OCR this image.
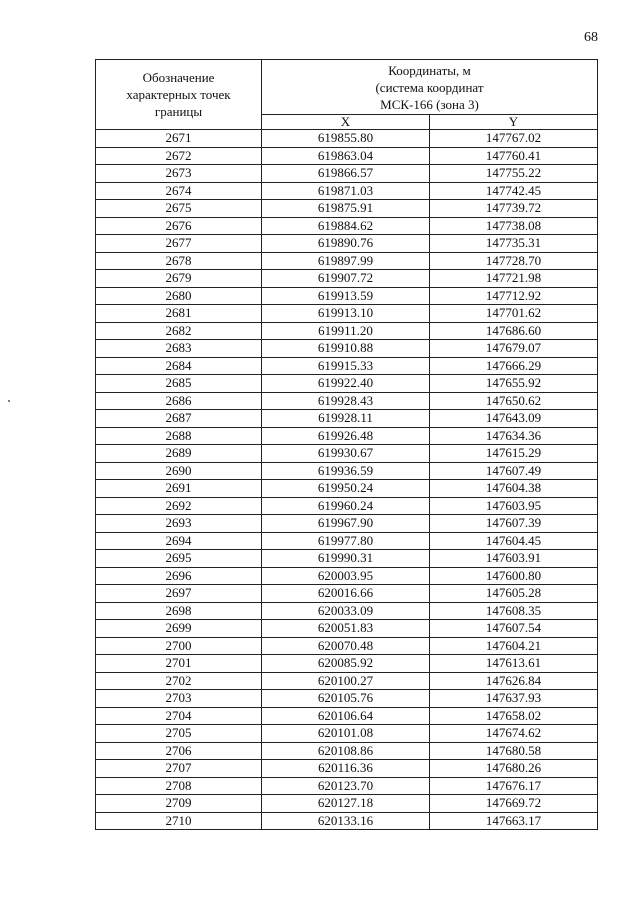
68
Обозначение характерных точек границы	Координаты, м
(система координат
МСК-166 (зона 3)	

	X	Y
2671	619855.80	147767.02
2672	619863.04	147760.41
2673	619866.57	147755.22
2674	619871.03	147742.45
2675	619875.91	147739.72
2676	619884.62	147738.08
2677	619890.76	147735.31
2678	619897.99	147728.70
2679	619907.72	147721.98
2680	619913.59	147712.92
2681	619913.10	147701.62
2682	619911.20	147686.60
2683	619910.88	147679.07
2684	619915.33	147666.29
2685	619922.40	147655.92
2686	619928.43	147650.62
2687	619928.11	147643.09
2688	619926.48	147634.36
2689	619930.67	147615.29
2690	619936.59	147607.49
2691	619950.24	147604.38
2692	619960.24	147603.95
2693	619967.90	147607.39
2694	619977.80	147604.45
2695	619990.31	147603.91
2696	620003.95	147600.80
2697	620016.66	147605.28
2698	620033.09	147608.35
2699	620051.83	147607.54
2700	620070.48	147604.21
2701	620085.92	147613.61
2702	620100.27	147626.84
2703	620105.76	147637.93
2704	620106.64	147658.02
2705	620101.08	147674.62
2706	620108.86	147680.58
2707	620116.36	147680.26
2708	620123.70	147676.17
2709	620127.18	147669.72
2710	620133.16	147663.17
